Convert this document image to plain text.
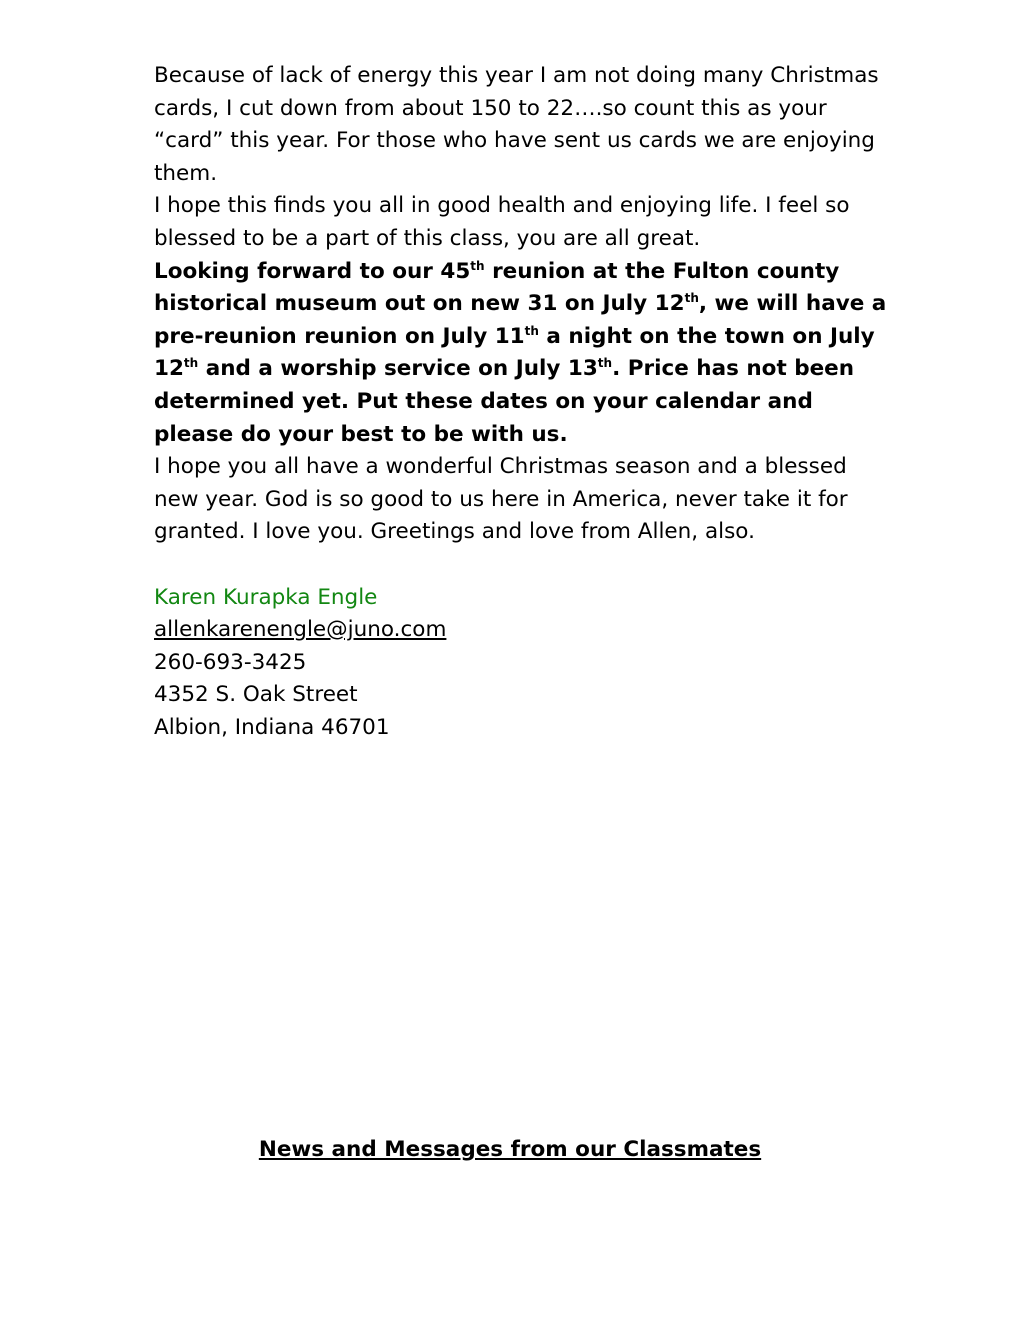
Because of lack of energy this year I am not doing many Christmas cards, I cut down from about 150 to 22….so count this as your “card” this year. For those who have sent us cards we are enjoying them.

I hope this finds you all in good health and enjoying life. I feel so blessed to be a part of this class, you are all great.

Looking forward to our 45th reunion at the Fulton county historical museum out on new 31 on July 12th, we will have a pre-reunion reunion on July 11th a night on the town on July 12th and a worship service on July 13th. Price has not been determined yet. Put these dates on your calendar and please do your best to be with us.

I hope you all have a wonderful Christmas season and a blessed new year. God is so good to us here in America, never take it for granted. I love you. Greetings and love from Allen, also.

Karen Kurapka Engle
allenkarenengle@juno.com
260-693-3425
4352 S. Oak Street
Albion, Indiana 46701
News and Messages from our Classmates
